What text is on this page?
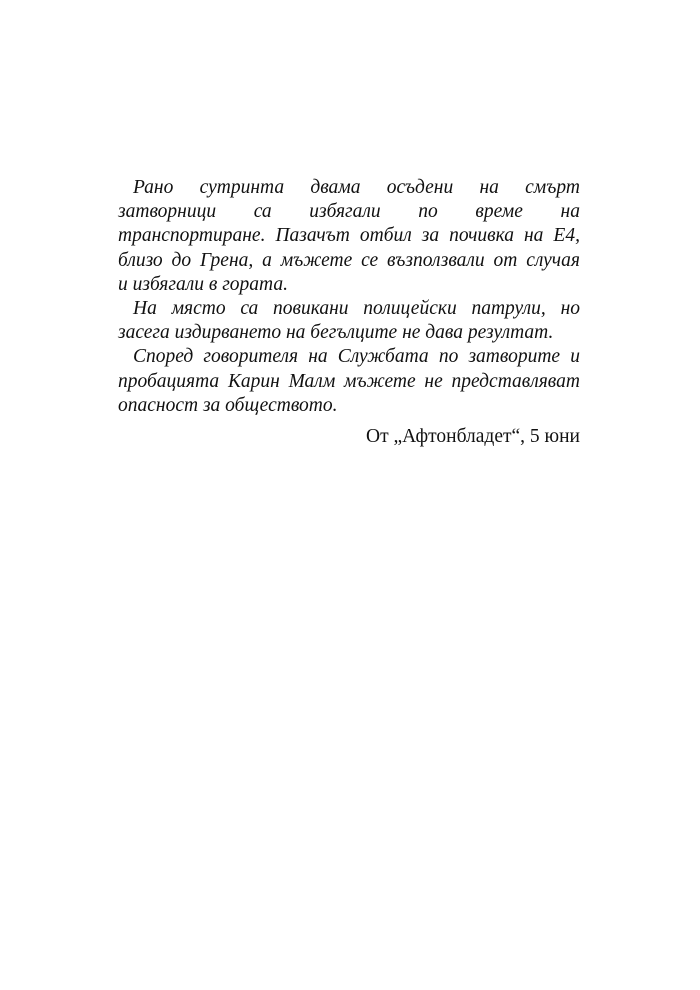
Рано сутринта двама осъдени на смърт
затворници са избягали по време на
транспортиране. Пазачът отбил за почивка на Е4,
близо до Грена, а мъжете се възползвали от случая
и избягали в гората.
На място са повикани полицейски патрули, но
засега издирването на бегълците не дава резултат.
Според говорителя на Службата по затворите и
пробацията Карин Малм мъжете не представляват
опасност за обществото.
От „Афтонбладет“, 5 юни
